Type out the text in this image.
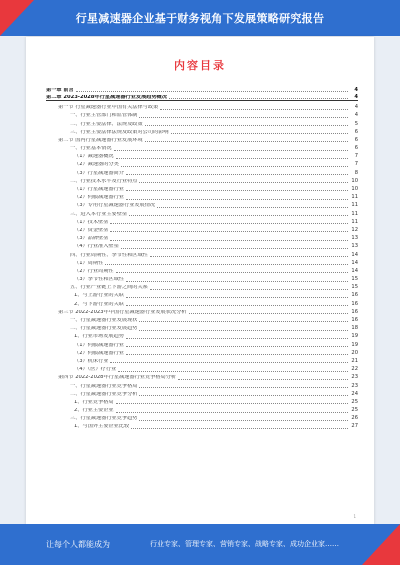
行星减速器企业基于财务视角下发展策略研究报告
内容目录
第一章 前言	4
第二章 2023-2028年行星减速器行业发展趋势概况	4
第一节 行星减速器行业中国有关法律与政策	4
一、行业主管部门和监管体制	4
二、行业主要法律、法规及政策	5
三、行业主要法律法规及政策对公司的影响	6
第二节 国内行星减速器行业发展环境	6
一、行业基本情况	6
（1）减速器概况	7
（2）减速器的分类	7
（3）行星减速器简介	8
二、行业技术水平及行业特点	10
（1）行星减速器行业	10
（2）伺服减速器行业	11
（3）专用行星减速器行业发展情况	11
三、进入本行业主要壁垒	11
（1）技术壁垒	11
（2）资金壁垒	12
（3）品牌壁垒	13
（4）行业准入壁垒	13
四、行业周期性、季节性和区域性	14
（1）周期性	14
（2）行业周期性	14
（3）季节性和区域性	15
五、行业产业链上下游之间的关系	15
1、与上游行业的关联	16
2、与下游行业的关联	16
第三节 2022-2023年中国行星减速器行业发展状况分析	16
一、行星减速器行业发展现状	16
二、行星减速器行业发展趋势	18
1、行业市场发展趋势	19
（1）伺服减速器行业	19
（2）伺服减速器行业	20
（3）机床行业	21
（4）（医）疗行业	22
第四节 2022-2028年行星减速器行业竞争格局分析	23
一、行星减速器行业竞争格局	23
二、行星减速器行业竞争分析	24
1、行业竞争格局	25
2、行业主要企业	25
三、行星减速器行业竞争趋势	26
1、与国外主要企业比较	27
1
让每个人都能成为	行业专家、管理专家、营销专家、战略专家、成功企业家……
